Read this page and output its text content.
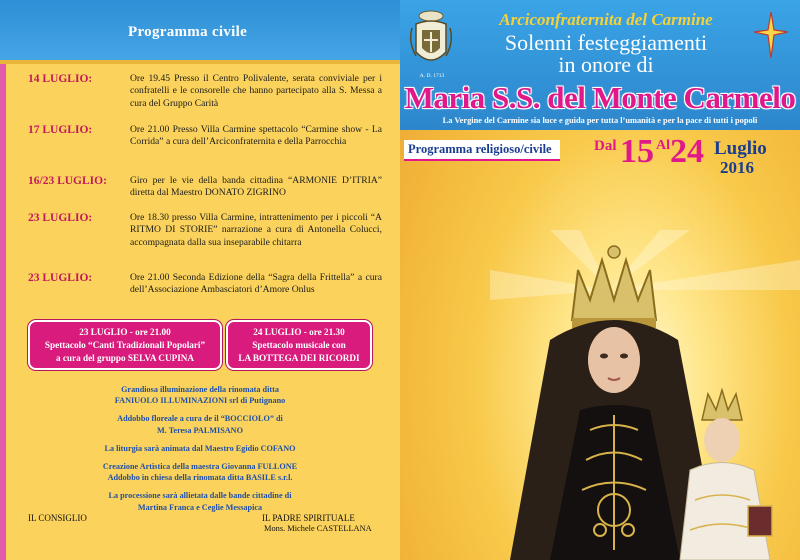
Programma civile
14 LUGLIO:	Ore 19.45 Presso il Centro Polivalente, serata conviviale per i confratelli e le consorelle che hanno partecipato alla S. Messa a cura del Gruppo Carità
17 LUGLIO:	Ore 21.00 Presso Villa Carmine spettacolo “Carmine show - La Corrida” a cura dell’Arciconfraternita e della Parrocchia
16/23 LUGLIO: Giro per le vie della banda cittadina “ARMONIE D’ITRIA” diretta dal Maestro DONATO ZIGRINO
23 LUGLIO:	Ore 18.30 presso Villa Carmine, intrattenimento per i piccoli “A RITMO DI STORIE” narrazione a cura di Antonella Colucci, accompagnata dalla sua inseparabile chitarra
23 LUGLIO:	Ore 21.00 Seconda Edizione della “Sagra della Frittella” a cura dell’Associazione Ambasciatori d’Amore Onlus
23 LUGLIO - ore 21.00
Spettacolo “Canti Tradizionali Popolari”
a cura del gruppo SELVA CUPINA
24 LUGLIO - ore 21.30
Spettacolo musicale con
LA BOTTEGA DEI RICORDI
Grandiosa illuminazione della rinomata ditta
FANIUOLO ILLUMINAZIONI srl di Putignano
Addobbo floreale a cura de il “BOCCIOLO” di
M. Teresa PALMISANO
La liturgia sarà animata dal Maestro Egidio COFANO
Creazione Artistica della maestra Giovanna FULLONE
Addobbo in chiesa della rinomata ditta BASILE s.r.l.
La processione sarà allietata dalle bande cittadine di
Martina Franca e Ceglie Messapica
IL CONSIGLIO	IL PADRE SPIRITUALE
Mons. Michele CASTELLANA
A. D. 1713
Arciconfraternita del Carmine
Solenni festeggiamenti
in onore di
Maria S.S. del Monte Carmelo
La Vergine del Carmine sia luce e guida per tutta l’umanità e per la pace di tutti i popoli
Programma religioso/civile	Dal 15 Al 24 Luglio
2016
